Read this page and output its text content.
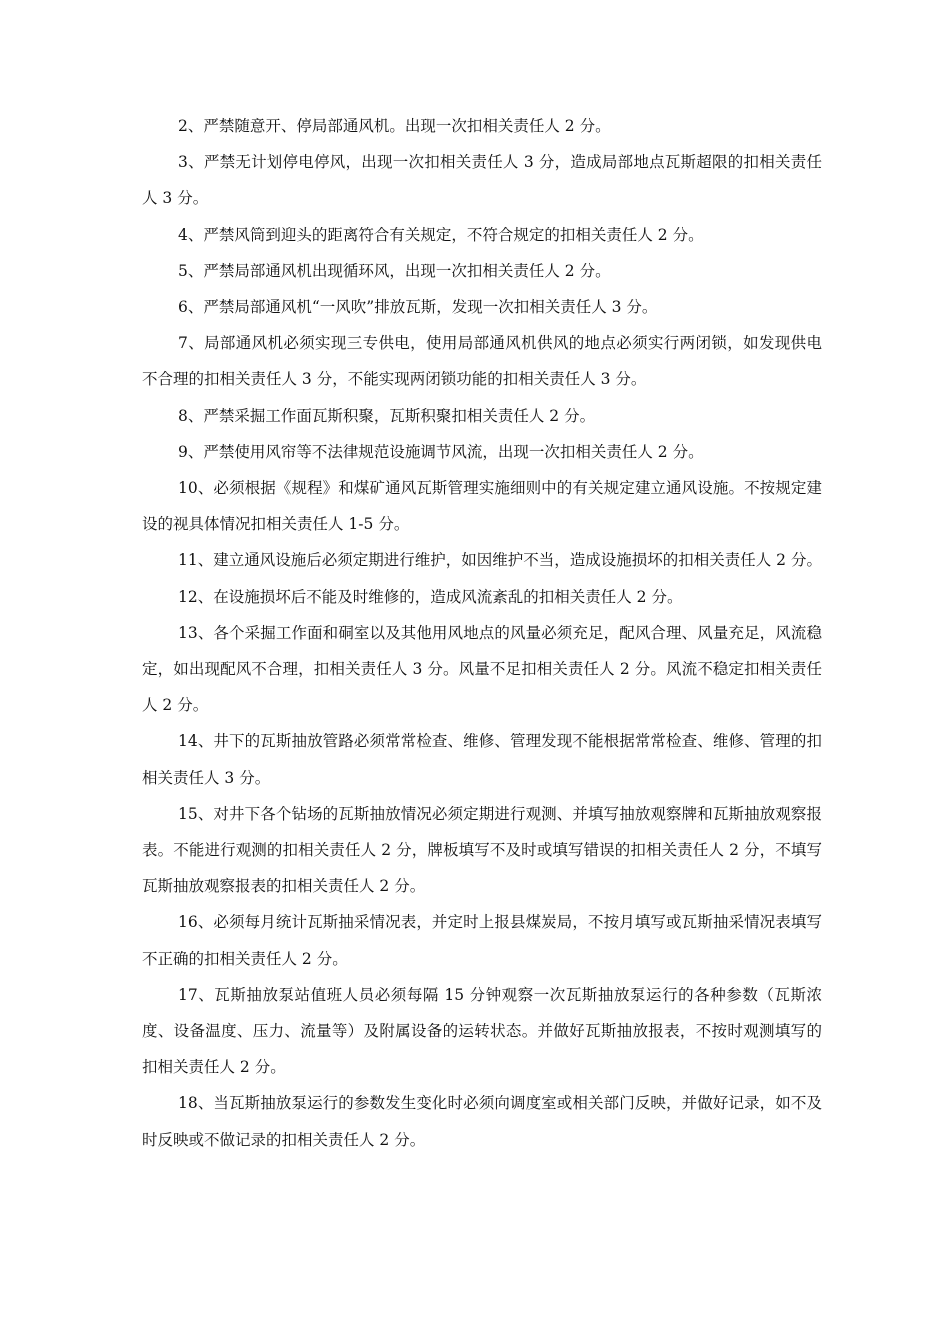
2、严禁随意开、停局部通风机。出现一次扣相关责任人 2 分。

3、严禁无计划停电停风，出现一次扣相关责任人 3 分，造成局部地点瓦斯超限的扣相关责任人 3 分。

4、严禁风筒到迎头的距离符合有关规定，不符合规定的扣相关责任人 2 分。

5、严禁局部通风机出现循环风，出现一次扣相关责任人 2 分。

6、严禁局部通风机“一风吹”排放瓦斯，发现一次扣相关责任人 3 分。

7、局部通风机必须实现三专供电，使用局部通风机供风的地点必须实行两闭锁，如发现供电不合理的扣相关责任人 3 分，不能实现两闭锁功能的扣相关责任人 3 分。

8、严禁采掘工作面瓦斯积聚，瓦斯积聚扣相关责任人 2 分。

9、严禁使用风帘等不法律规范设施调节风流，出现一次扣相关责任人 2 分。

10、必须根据《规程》和煤矿通风瓦斯管理实施细则中的有关规定建立通风设施。不按规定建设的视具体情况扣相关责任人 1-5 分。

11、建立通风设施后必须定期进行维护，如因维护不当，造成设施损坏的扣相关责任人 2 分。

12、在设施损坏后不能及时维修的，造成风流紊乱的扣相关责任人 2 分。

13、各个采掘工作面和硐室以及其他用风地点的风量必须充足，配风合理、风量充足，风流稳定，如出现配风不合理，扣相关责任人 3 分。风量不足扣相关责任人 2 分。风流不稳定扣相关责任人 2 分。

14、井下的瓦斯抽放管路必须常常检查、维修、管理发现不能根据常常检查、维修、管理的扣相关责任人 3 分。

15、对井下各个钻场的瓦斯抽放情况必须定期进行观测、并填写抽放观察牌和瓦斯抽放观察报表。不能进行观测的扣相关责任人 2 分，牌板填写不及时或填写错误的扣相关责任人 2 分，不填写瓦斯抽放观察报表的扣相关责任人 2 分。

16、必须每月统计瓦斯抽采情况表，并定时上报县煤炭局，不按月填写或瓦斯抽采情况表填写不正确的扣相关责任人 2 分。

17、瓦斯抽放泵站值班人员必须每隔 15 分钟观察一次瓦斯抽放泵运行的各种参数（瓦斯浓度、设备温度、压力、流量等）及附属设备的运转状态。并做好瓦斯抽放报表，不按时观测填写的扣相关责任人 2 分。

18、当瓦斯抽放泵运行的参数发生变化时必须向调度室或相关部门反映，并做好记录，如不及时反映或不做记录的扣相关责任人 2 分。
